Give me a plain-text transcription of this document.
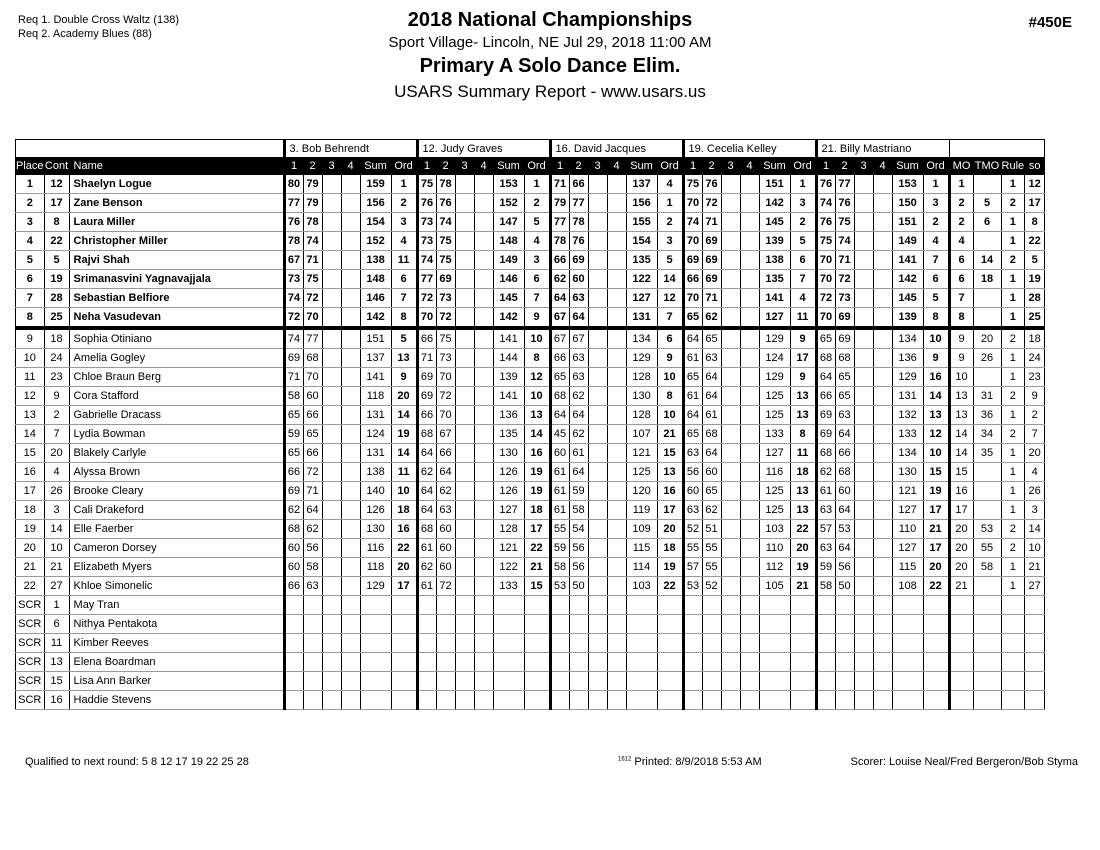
Req 1. Double Cross Waltz (138)
Req 2. Academy Blues (88)
#450E
2018 National Championships
Sport Village- Lincoln, NE Jul 29, 2018 11:00 AM
Primary A Solo Dance Elim.
USARS Summary Report - www.usars.us
			3. Bob Behrendt						12. Judy Graves						16. David Jacques						19. Cecelia Kelley						21. Billy Mastriano									
Place	Cont	Name	1	2	3	4	Sum	Ord	1	2	3	4	Sum	Ord	1	2	3	4	Sum	Ord	1	2	3	4	Sum	Ord	1	2	3	4	Sum	Ord	MO	TMO	Rule	so
1	12	Shaelyn Logue	80	79			159	1	75	78			153	1	71	66			137	4	75	76			151	1	76	77			153	1	1		1	12
2	17	Zane Benson	77	79			156	2	76	76			152	2	79	77			156	1	70	72			142	3	74	76			150	3	2	5	2	17
3	8	Laura Miller	76	78			154	3	73	74			147	5	77	78			155	2	74	71			145	2	76	75			151	2	2	6	1	8
4	22	Christopher Miller	78	74			152	4	73	75			148	4	78	76			154	3	70	69			139	5	75	74			149	4	4		1	22
5	5	Rajvi Shah	67	71			138	11	74	75			149	3	66	69			135	5	69	69			138	6	70	71			141	7	6	14	2	5
6	19	Srimanasvini Yagnavajjala	73	75			148	6	77	69			146	6	62	60			122	14	66	69			135	7	70	72			142	6	6	18	1	19
7	28	Sebastian Belfiore	74	72			146	7	72	73			145	7	64	63			127	12	70	71			141	4	72	73			145	5	7		1	28
8	25	Neha Vasudevan	72	70			142	8	70	72			142	9	67	64			131	7	65	62			127	11	70	69			139	8	8		1	25
9	18	Sophia Otiniano	74	77			151	5	66	75			141	10	67	67			134	6	64	65			129	9	65	69			134	10	9	20	2	18
10	24	Amelia Gogley	69	68			137	13	71	73			144	8	66	63			129	9	61	63			124	17	68	68			136	9	9	26	1	24
11	23	Chloe Braun Berg	71	70			141	9	69	70			139	12	65	63			128	10	65	64			129	9	64	65			129	16	10		1	23
12	9	Cora Stafford	58	60			118	20	69	72			141	10	68	62			130	8	61	64			125	13	66	65			131	14	13	31	2	9
13	2	Gabrielle Dracass	65	66			131	14	66	70			136	13	64	64			128	10	64	61			125	13	69	63			132	13	13	36	1	2
14	7	Lydia Bowman	59	65			124	19	68	67			135	14	45	62			107	21	65	68			133	8	69	64			133	12	14	34	2	7
15	20	Blakely Carlyle	65	66			131	14	64	66			130	16	60	61			121	15	63	64			127	11	68	66			134	10	14	35	1	20
16	4	Alyssa Brown	66	72			138	11	62	64			126	19	61	64			125	13	56	60			116	18	62	68			130	15	15		1	4
17	26	Brooke Cleary	69	71			140	10	64	62			126	19	61	59			120	16	60	65			125	13	61	60			121	19	16		1	26
18	3	Cali Drakeford	62	64			126	18	64	63			127	18	61	58			119	17	63	62			125	13	63	64			127	17	17		1	3
19	14	Elle Faerber	68	62			130	16	68	60			128	17	55	54			109	20	52	51			103	22	57	53			110	21	20	53	2	14
20	10	Cameron Dorsey	60	56			116	22	61	60			121	22	59	56			115	18	55	55			110	20	63	64			127	17	20	55	2	10
21	21	Elizabeth Myers	60	58			118	20	62	60			122	21	58	56			114	19	57	55			112	19	59	56			115	20	20	58	1	21
22	27	Khloe Simonelic	66	63			129	17	61	72			133	15	53	50			103	22	53	52			105	21	58	50			108	22	21		1	27
SCR	1	May Tran																																		
SCR	6	Nithya Pentakota																																		
SCR	11	Kimber Reeves																																		
SCR	13	Elena Boardman																																		
SCR	15	Lisa Ann Barker																																		
SCR	16	Haddie Stevens																																		
Qualified to next round: 5 8 12 17 19 22 25 28	$^{1612}$ Printed: 8/9/2018 5:53 AM	Scorer: Louise Neal/Fred Bergeron/Bob Styma
